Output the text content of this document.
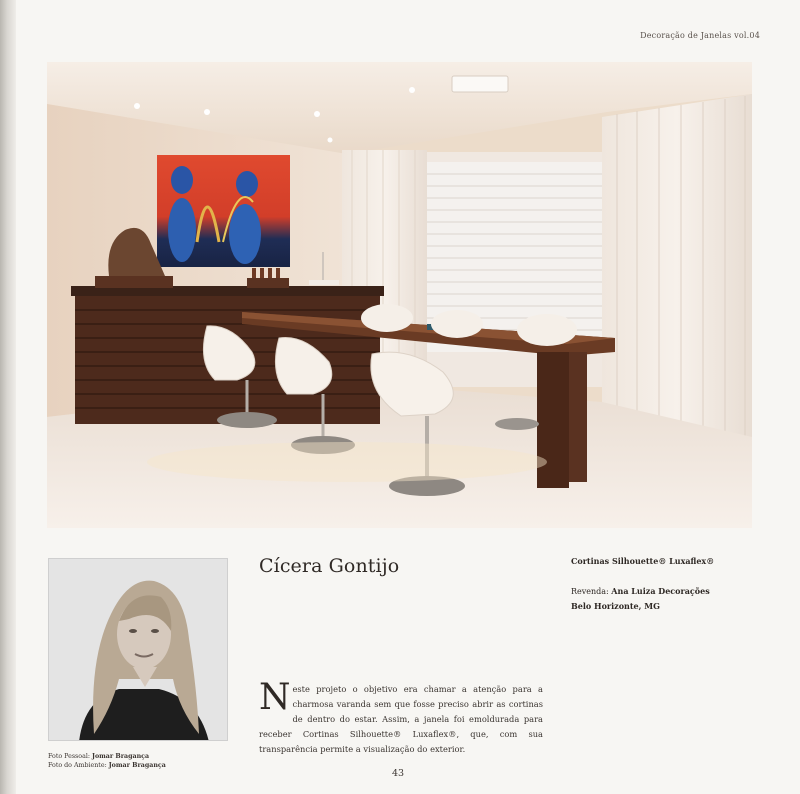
Decoração de Janelas vol.04
Foto Pessoal: Jomar Bragança
Foto do Ambiente: Jomar Bragança
Cícera Gontijo	Cortinas Silhouette® Luxaflex®
Revenda: Ana Luiza Decorações
Belo Horizonte, MG
Neste projeto o objetivo era chamar a atenção para a charmosa varanda sem que fosse preciso abrir as cortinas de dentro do estar. Assim, a janela foi emoldurada para receber Cortinas Silhouette® Luxaflex®, que, com sua transparência permite a visualização do exterior.
43
